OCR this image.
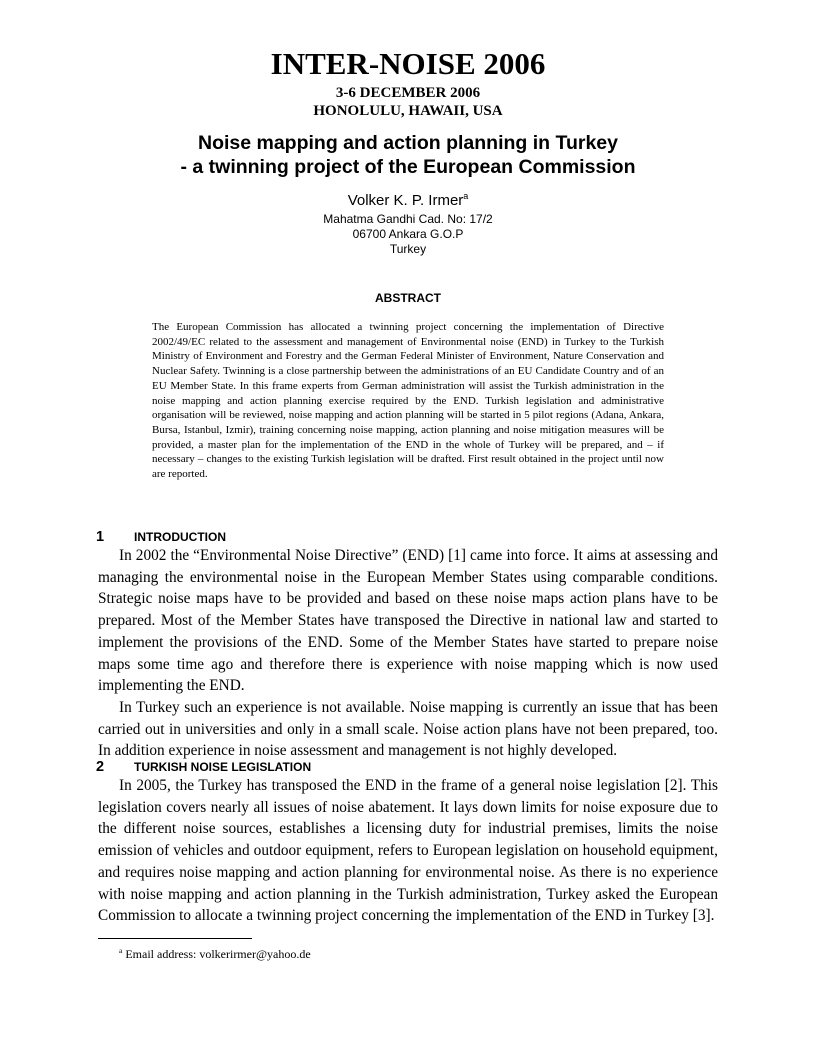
INTER-NOISE 2006
3-6 DECEMBER 2006
HONOLULU, HAWAII, USA
Noise mapping and action planning in Turkey
- a twinning project of the European Commission
Volker K. P. Irmer$^a$
Mahatma Gandhi Cad. No: 17/2
06700 Ankara G.O.P
Turkey
ABSTRACT
The European Commission has allocated a twinning project concerning the implementation of Directive 2002/49/EC related to the assessment and management of Environmental noise (END) in Turkey to the Turkish Ministry of Environment and Forestry and the German Federal Minister of Environment, Nature Conservation and Nuclear Safety. Twinning is a close partnership between the administrations of an EU Candidate Country and of an EU Member State. In this frame experts from German administration will assist the Turkish administration in the noise mapping and action planning exercise required by the END. Turkish legislation and administrative organisation will be reviewed, noise mapping and action planning will be started in 5 pilot regions (Adana, Ankara, Bursa, Istanbul, Izmir), training concerning noise mapping, action planning and noise mitigation measures will be provided, a master plan for the implementation of the END in the whole of Turkey will be prepared, and – if necessary – changes to the existing Turkish legislation will be drafted. First result obtained in the project until now are reported.
1 INTRODUCTION

In 2002 the “Environmental Noise Directive” (END) [1] came into force. It aims at assessing and managing the environmental noise in the European Member States using comparable conditions. Strategic noise maps have to be provided and based on these noise maps action plans have to be prepared. Most of the Member States have transposed the Directive in national law and started to implement the provisions of the END. Some of the Member States have started to prepare noise maps some time ago and therefore there is experience with noise mapping which is now used implementing the END.

In Turkey such an experience is not available. Noise mapping is currently an issue that has been carried out in universities and only in a small scale. Noise action plans have not been prepared, too. In addition experience in noise assessment and management is not highly developed.

2 TURKISH NOISE LEGISLATION

In 2005, the Turkey has transposed the END in the frame of a general noise legislation [2]. This legislation covers nearly all issues of noise abatement. It lays down limits for noise exposure due to the different noise sources, establishes a licensing duty for industrial premises, limits the noise emission of vehicles and outdoor equipment, refers to European legislation on household equipment, and requires noise mapping and action planning for environmental noise. As there is no experience with noise mapping and action planning in the Turkish administration, Turkey asked the European Commission to allocate a twinning project concerning the implementation of the END in Turkey [3].

$^a$ Email address: volkerirmer@yahoo.de
